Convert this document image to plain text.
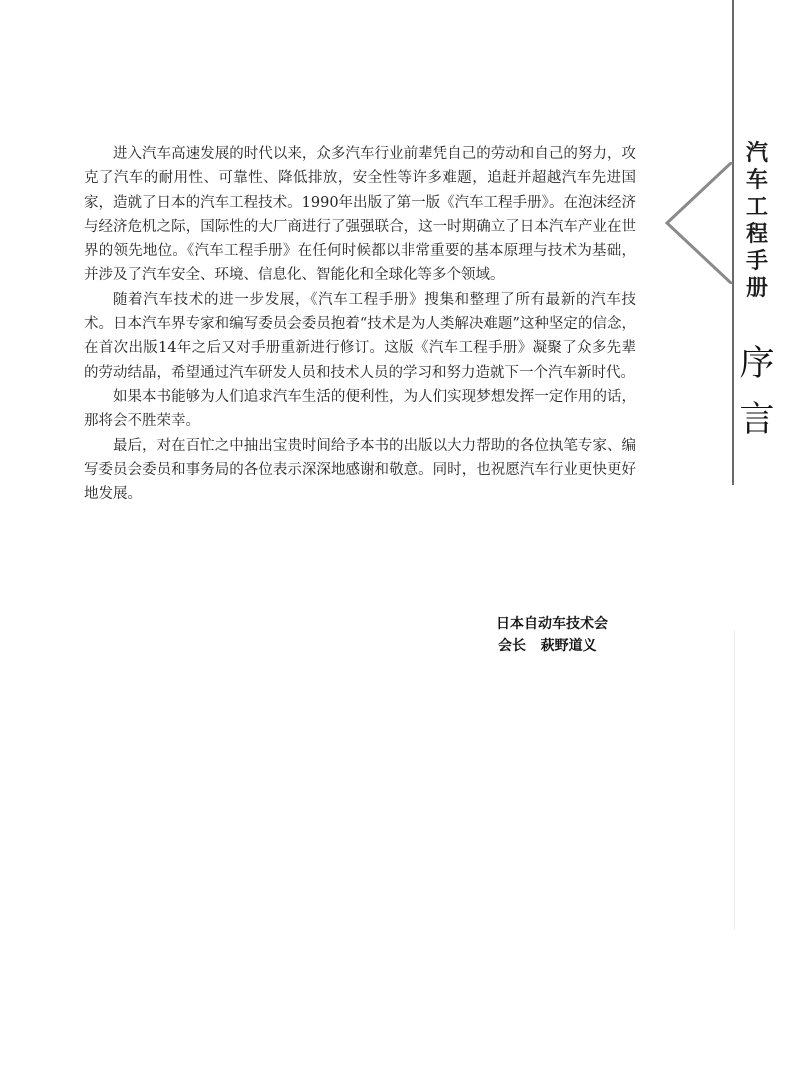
汽
车
工
程
手
册
序
言

进入汽车高速发展的时代以来，众多汽车行业前辈凭自己的劳动和自己的努力，攻克了汽车的耐用性、可靠性、降低排放，安全性等许多难题，追赶并超越汽车先进国家，造就了日本的汽车工程技术。1990年出版了第一版《汽车工程手册》。在泡沫经济与经济危机之际，国际性的大厂商进行了强强联合，这一时期确立了日本汽车产业在世界的领先地位。《汽车工程手册》在任何时候都以非常重要的基本原理与技术为基础，并涉及了汽车安全、环境、信息化、智能化和全球化等多个领域。

随着汽车技术的进一步发展，《汽车工程手册》搜集和整理了所有最新的汽车技术。日本汽车界专家和编写委员会委员抱着“技术是为人类解决难题”这种坚定的信念，在首次出版14年之后又对手册重新进行修订。这版《汽车工程手册》凝聚了众多先辈的劳动结晶，希望通过汽车研发人员和技术人员的学习和努力造就下一个汽车新时代。

如果本书能够为人们追求汽车生活的便利性，为人们实现梦想发挥一定作用的话，那将会不胜荣幸。

最后，对在百忙之中抽出宝贵时间给予本书的出版以大力帮助的各位执笔专家、编写委员会委员和事务局的各位表示深深地感谢和敬意。同时，也祝愿汽车行业更快更好地发展。

日本自动车技术会
会长   萩野道义
